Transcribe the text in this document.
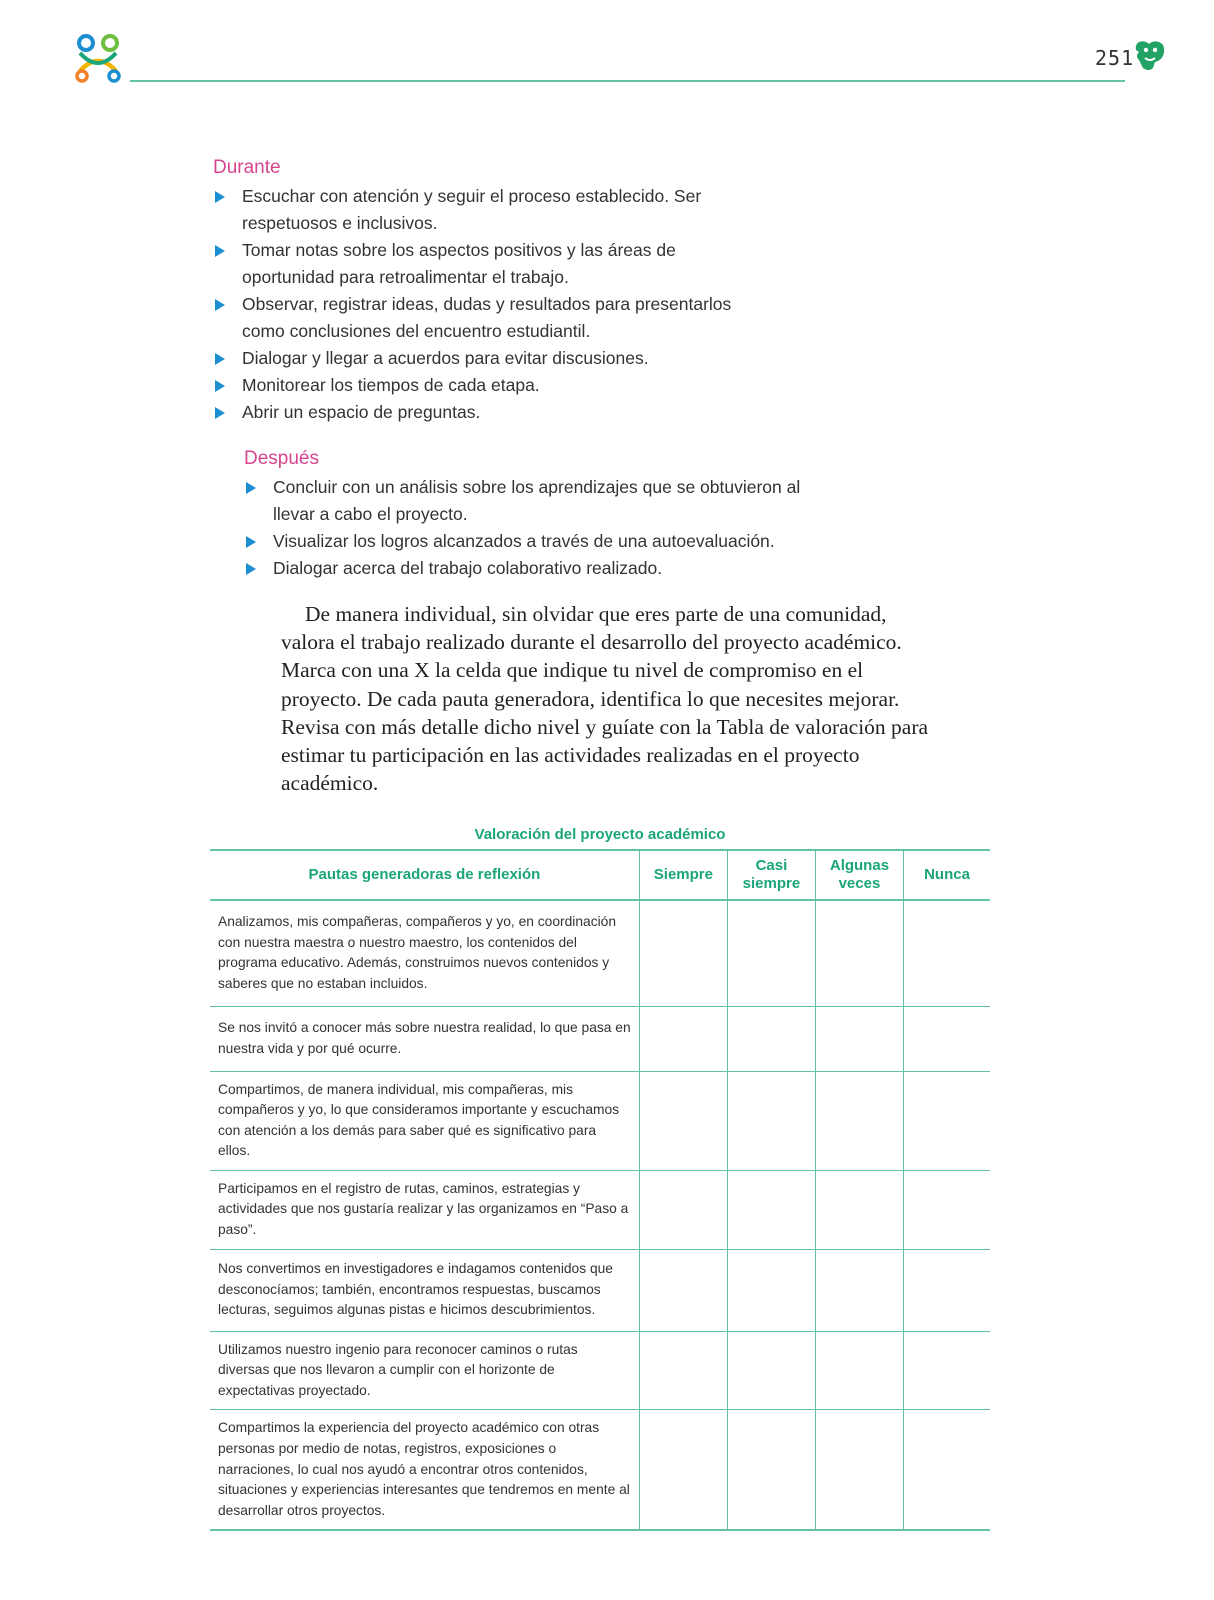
251
Durante
Escuchar con atención y seguir el proceso establecido. Ser respetuosos e inclusivos.
Tomar notas sobre los aspectos positivos y las áreas de oportunidad para retroalimentar el trabajo.
Observar, registrar ideas, dudas y resultados para presentarlos como conclusiones del encuentro estudiantil.
Dialogar y llegar a acuerdos para evitar discusiones.
Monitorear los tiempos de cada etapa.
Abrir un espacio de preguntas.
Después
Concluir con un análisis sobre los aprendizajes que se obtuvieron al llevar a cabo el proyecto.
Visualizar los logros alcanzados a través de una autoevaluación.
Dialogar acerca del trabajo colaborativo realizado.

De manera individual, sin olvidar que eres parte de una comunidad, valora el trabajo realizado durante el desarrollo del proyecto académico. Marca con una X la celda que indique tu nivel de compromiso en el proyecto. De cada pauta generadora, identifica lo que necesites mejorar. Revisa con más detalle dicho nivel y guíate con la Tabla de valoración para estimar tu participación en las actividades realizadas en el proyecto académico.

Valoración del proyecto académico
Pautas generadoras de reflexión	Siempre	Casi siempre	Algunas veces	Nunca
Analizamos, mis compañeras, compañeros y yo, en coordinación con nuestra maestra o nuestro maestro, los contenidos del programa educativo. Además, construimos nuevos contenidos y saberes que no estaban incluidos.				
Se nos invitó a conocer más sobre nuestra realidad, lo que pasa en nuestra vida y por qué ocurre.				
Compartimos, de manera individual, mis compañeras, mis compañeros y yo, lo que consideramos importante y escuchamos con atención a los demás para saber qué es significativo para ellos.				
Participamos en el registro de rutas, caminos, estrategias y actividades que nos gustaría realizar y las organizamos en “Paso a paso”.				
Nos convertimos en investigadores e indagamos contenidos que desconocíamos; también, encontramos respuestas, buscamos lecturas, seguimos algunas pistas e hicimos descubrimientos.				
Utilizamos nuestro ingenio para reconocer caminos o rutas diversas que nos llevaron a cumplir con el horizonte de expectativas proyectado.				
Compartimos la experiencia del proyecto académico con otras personas por medio de notas, registros, exposiciones o narraciones, lo cual nos ayudó a encontrar otros contenidos, situaciones y experiencias interesantes que tendremos en mente al desarrollar otros proyectos.				
